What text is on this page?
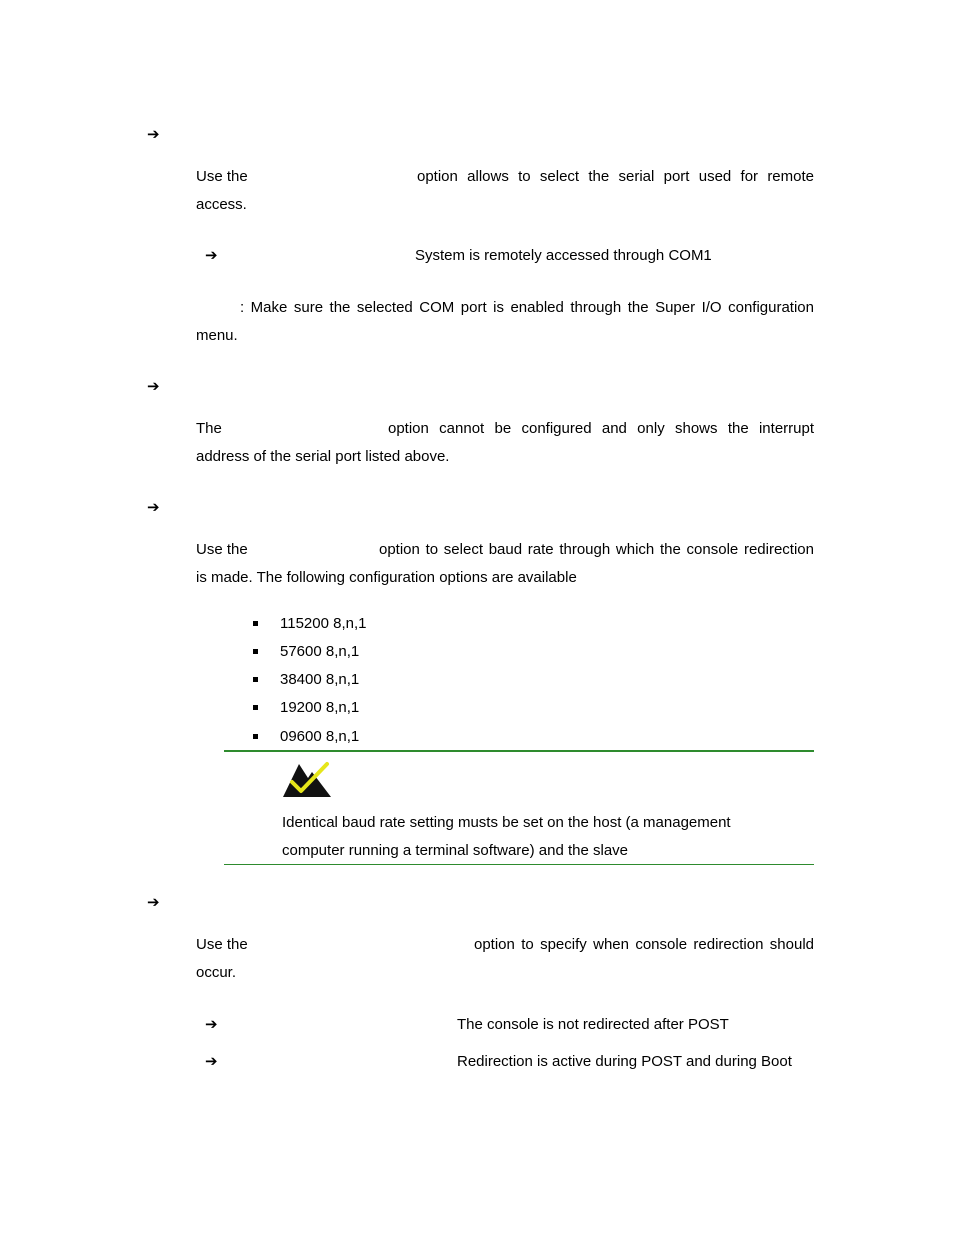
➔
Use the	option allows to select the serial port used for remote
access.
➔	System is remotely accessed through COM1
: Make sure the selected COM port is enabled through the Super I/O configuration
menu.
➔
The	option cannot be configured and only shows the interrupt
address of the serial port listed above.
➔
Use the	option to select baud rate through which the console redirection
is made. The following configuration options are available
115200 8,n,1
57600 8,n,1
38400 8,n,1
19200 8,n,1
09600 8,n,1
Identical baud rate setting musts be set on the host (a management
computer running a terminal software) and the slave
➔
Use the	option to specify when console redirection should
occur.
➔	The console is not redirected after POST
➔	Redirection is active during POST and during Boot
